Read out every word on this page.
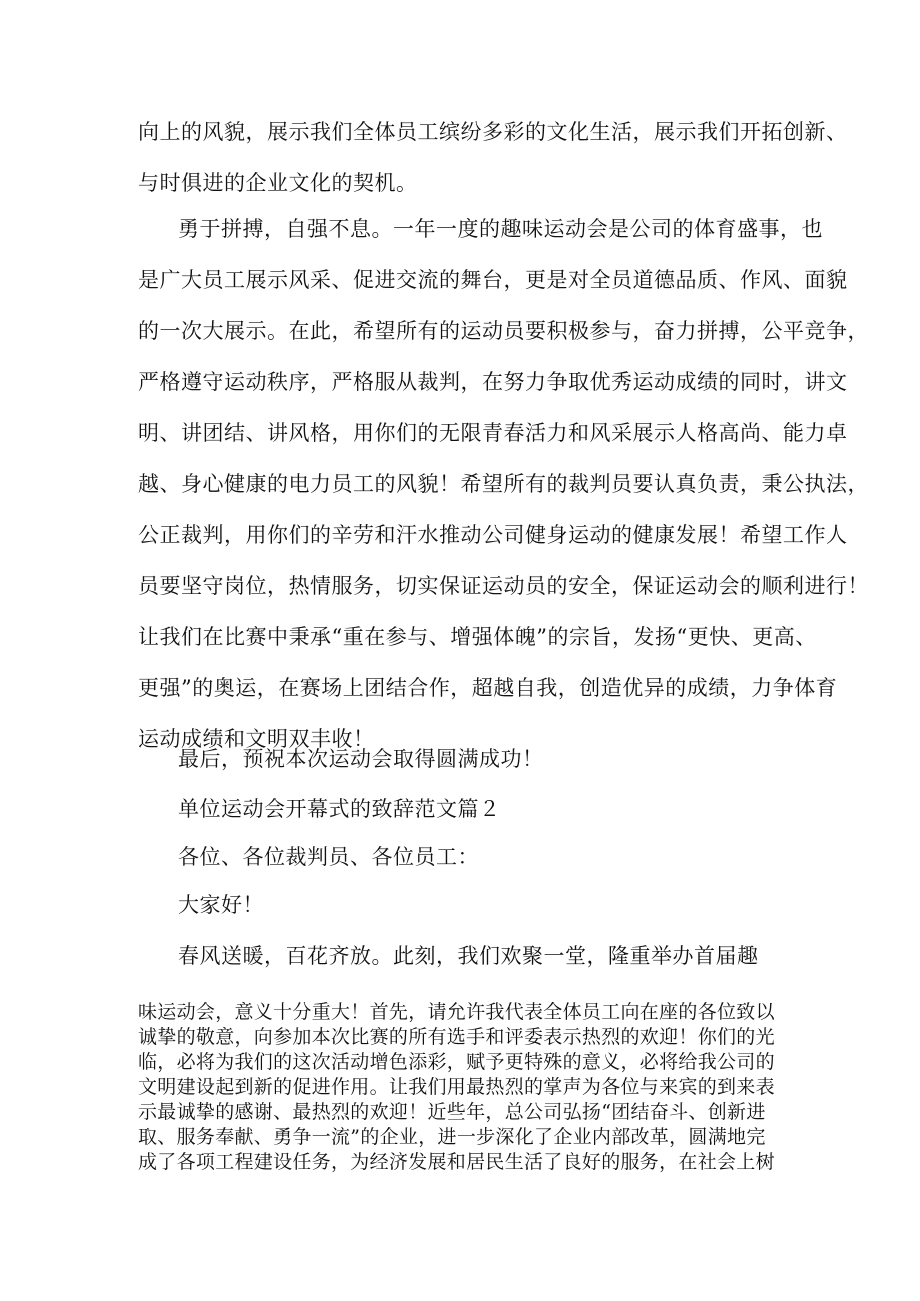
向上的风貌，展示我们全体员工缤纷多彩的文化生活，展示我们开拓创新、
与时俱进的企业文化的契机。
勇于拼搏，自强不息。一年一度的趣味运动会是公司的体育盛事，也
是广大员工展示风采、促进交流的舞台，更是对全员道德品质、作风、面貌
的一次大展示。在此，希望所有的运动员要积极参与，奋力拼搏，公平竞争，
严格遵守运动秩序，严格服从裁判，在努力争取优秀运动成绩的同时，讲文
明、讲团结、讲风格，用你们的无限青春活力和风采展示人格高尚、能力卓
越、身心健康的电力员工的风貌！希望所有的裁判员要认真负责，秉公执法，
公正裁判，用你们的辛劳和汗水推动公司健身运动的健康发展！希望工作人
员要坚守岗位，热情服务，切实保证运动员的安全，保证运动会的顺利进行！
让我们在比赛中秉承“重在参与、增强体魄”的宗旨，发扬“更快、更高、
更强”的奥运，在赛场上团结合作，超越自我，创造优异的成绩，力争体育
运动成绩和文明双丰收！
最后，预祝本次运动会取得圆满成功！
单位运动会开幕式的致辞范文篇２
各位、各位裁判员、各位员工：
大家好！
春风送暖，百花齐放。此刻，我们欢聚一堂，隆重举办首届趣
味运动会，意义十分重大！首先，请允许我代表全体员工向在座的各位致以
诚挚的敬意，向参加本次比赛的所有选手和评委表示热烈的欢迎！你们的光
临，必将为我们的这次活动增色添彩，赋予更特殊的意义，必将给我公司的
文明建设起到新的促进作用。让我们用最热烈的掌声为各位与来宾的到来表
示最诚挚的感谢、最热烈的欢迎！近些年，总公司弘扬“团结奋斗、创新进
取、服务奉献、勇争一流”的企业，进一步深化了企业内部改革，圆满地完
成了各项工程建设任务，为经济发展和居民生活了良好的服务，在社会上树
